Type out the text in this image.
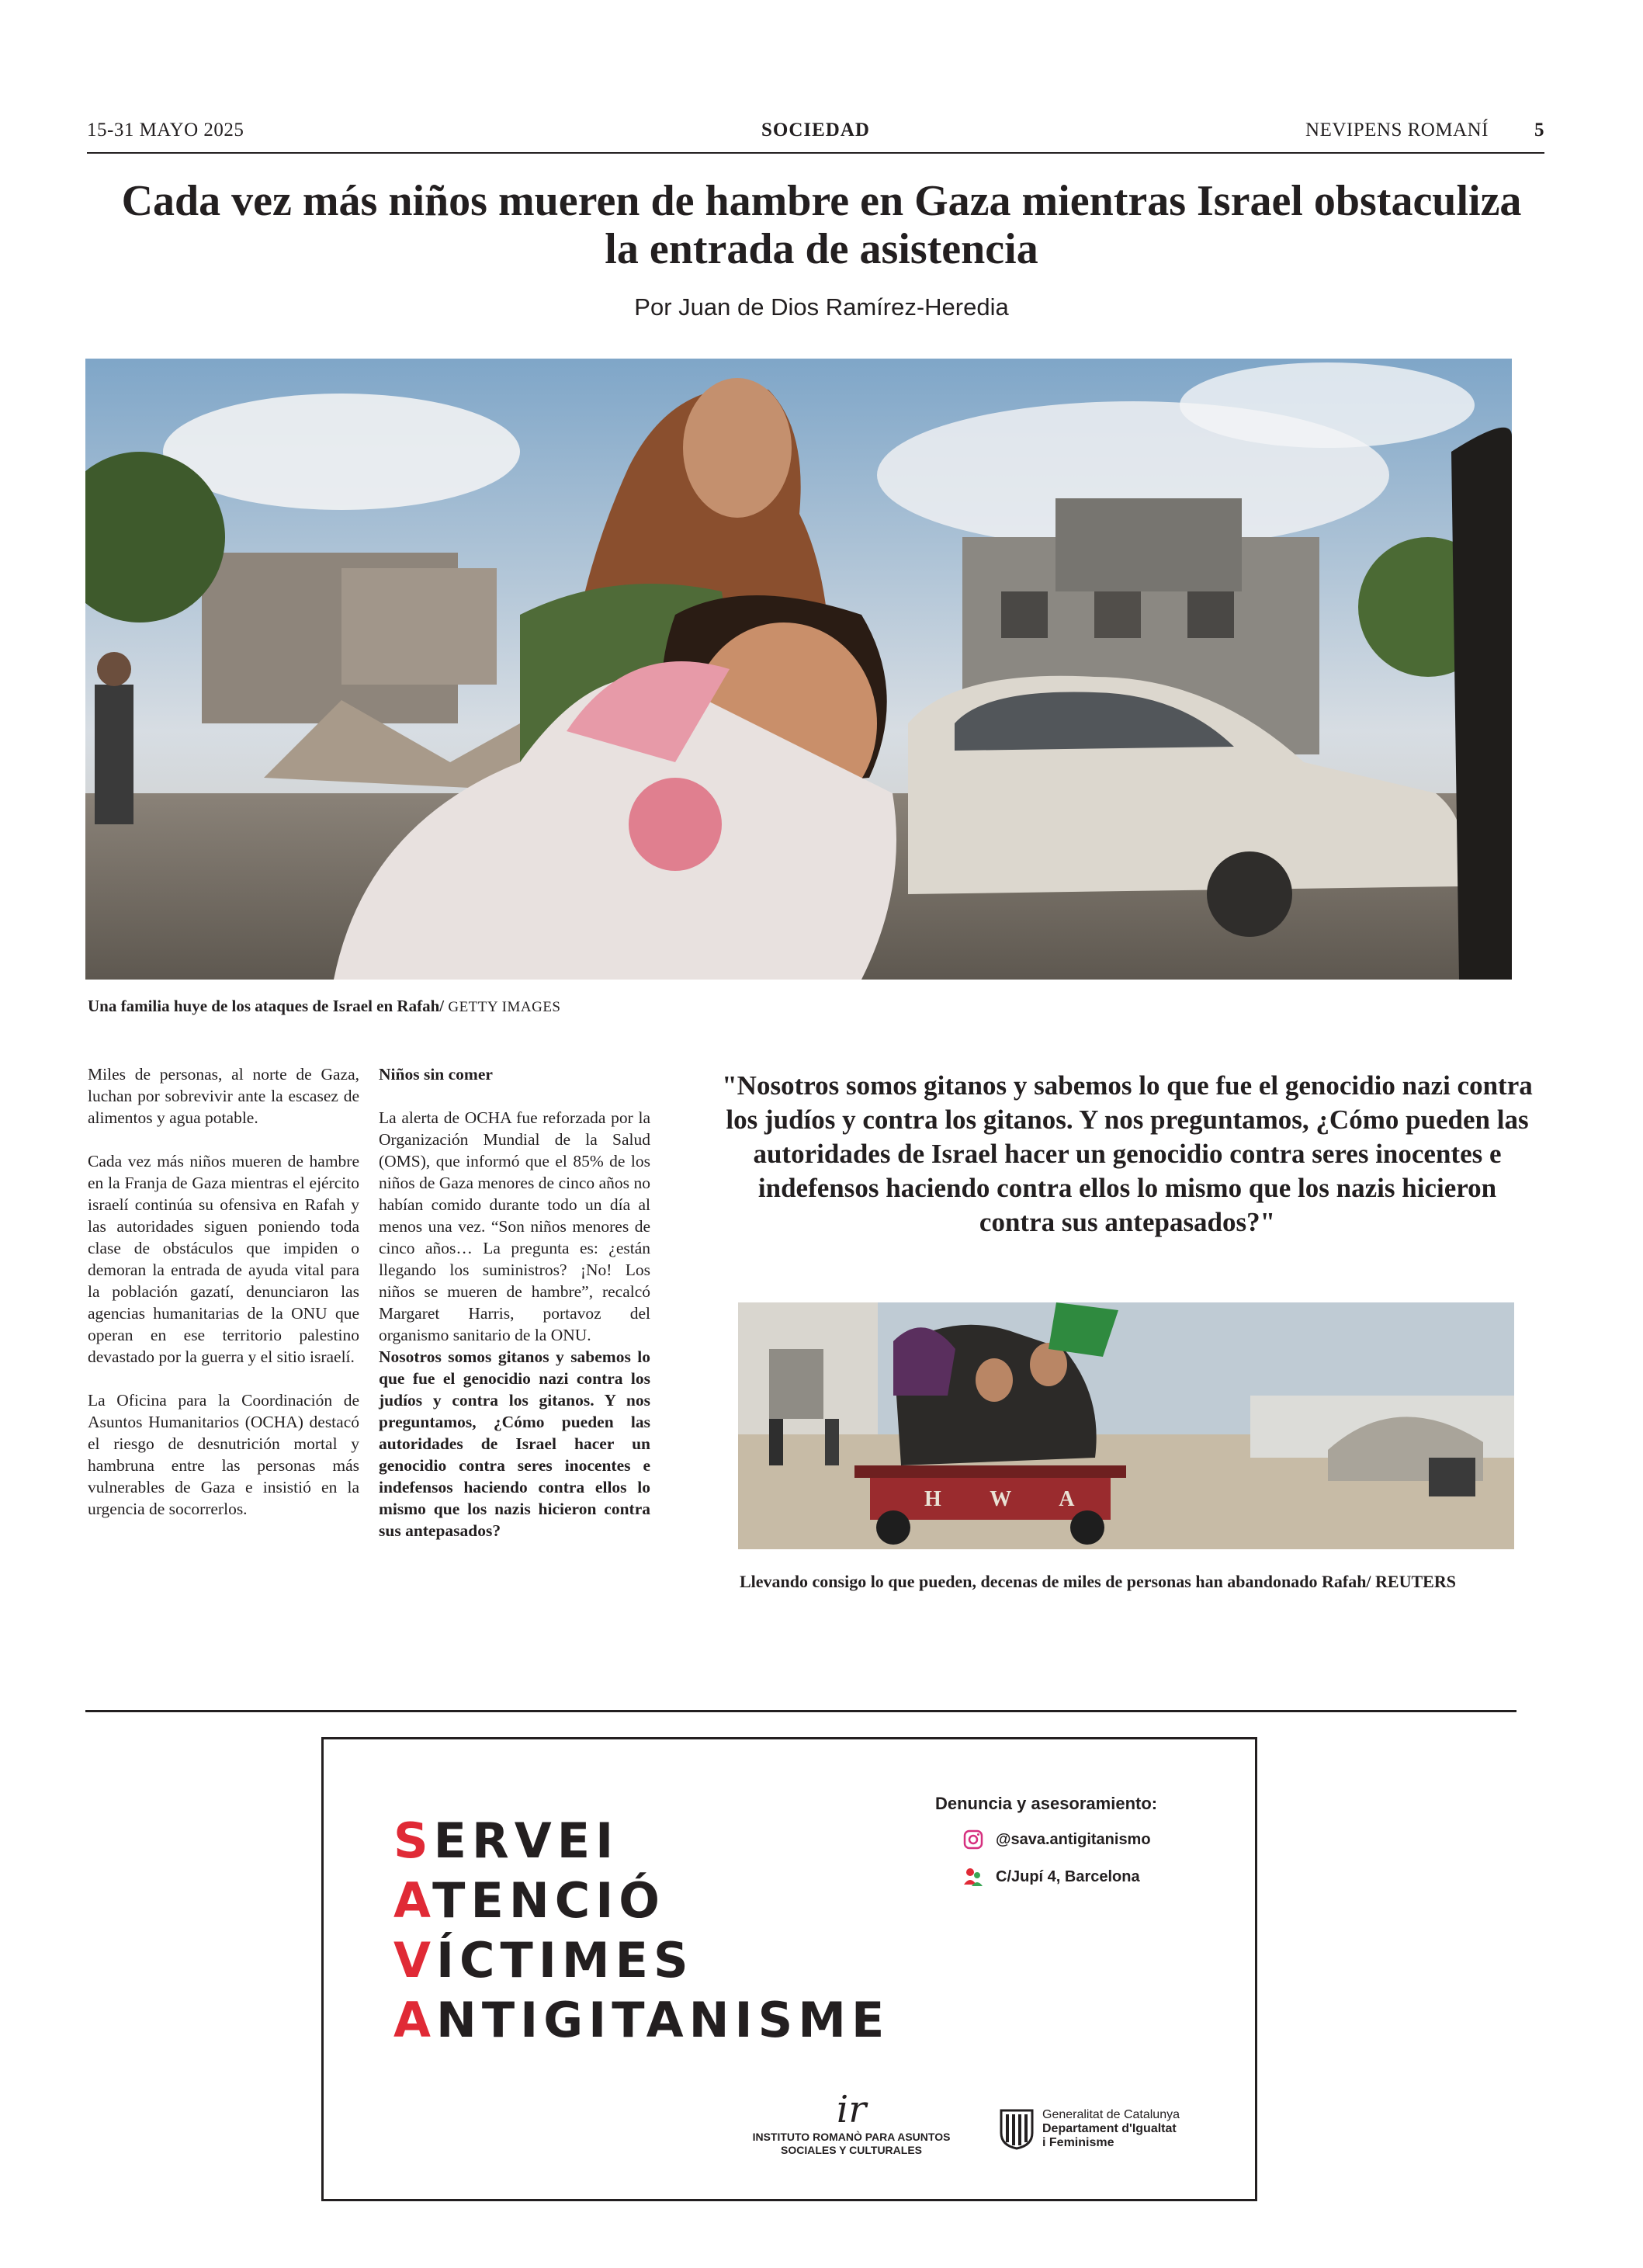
15-31 MAYO 2025	SOCIEDAD	NEVIPENS ROMANÍ 5
Cada vez más niños mueren de hambre en Gaza mientras Israel obstaculiza
la entrada de asistencia
Por Juan de Dios Ramírez-Heredia
Una familia huye de los ataques de Israel en Rafah/ GETTY IMAGES

Miles de personas, al norte de Gaza, luchan por sobrevivir ante la escasez de alimentos y agua potable.

Cada vez más niños mueren de hambre en la Franja de Gaza mientras el ejército israelí continúa su ofensiva en Rafah y las autoridades siguen poniendo toda clase de obstáculos que impiden o demoran la entrada de ayuda vital para la población gazatí, denunciaron las agencias humanitarias de la ONU que operan en ese territorio palestino devastado por la guerra y el sitio israelí.

La Oficina para la Coordinación de Asuntos Humanitarios (OCHA) destacó el riesgo de desnutrición mortal y hambruna entre las personas más vulnerables de Gaza e insistió en la urgencia de socorrerlos.

Niños sin comer

La alerta de OCHA fue reforzada por la Organización Mundial de la Salud (OMS), que informó que el 85% de los niños de Gaza menores de cinco años no habían comido durante todo un día al menos una vez. “Son niños menores de cinco años… La pregunta es: ¿están llegando los suministros? ¡No! Los niños se mueren de hambre”, recalcó Margaret Harris, portavoz del organismo sanitario de la ONU.

Nosotros somos gitanos y sabemos lo que fue el genocidio nazi contra los judíos y contra los gitanos. Y nos preguntamos, ¿Cómo pueden las autoridades de Israel hacer un genocidio contra seres inocentes e indefensos haciendo contra ellos lo mismo que los nazis hicieron contra sus antepasados?

"Nosotros somos gitanos y sabemos lo que fue el genocidio nazi contra los judíos y contra los gitanos. Y nos preguntamos, ¿Cómo pueden las autoridades de Israel hacer un genocidio contra seres inocentes e indefensos haciendo contra ellos lo mismo que los nazis hicieron contra sus antepasados?"
H W A
Llevando consigo lo que pueden, decenas de miles de personas han abandonado Rafah/ REUTERS
SERVEI
ATENCIÓ
VÍCTIMES
ANTIGITANISME
Denuncia y asesoramiento:
@sava.antigitanismo
C/Jupí 4, Barcelona
ir
INSTITUTO ROMANÒ PARA ASUNTOS SOCIALES Y CULTURALES
Generalitat de Catalunya
Departament d'Igualtat
i Feminisme
